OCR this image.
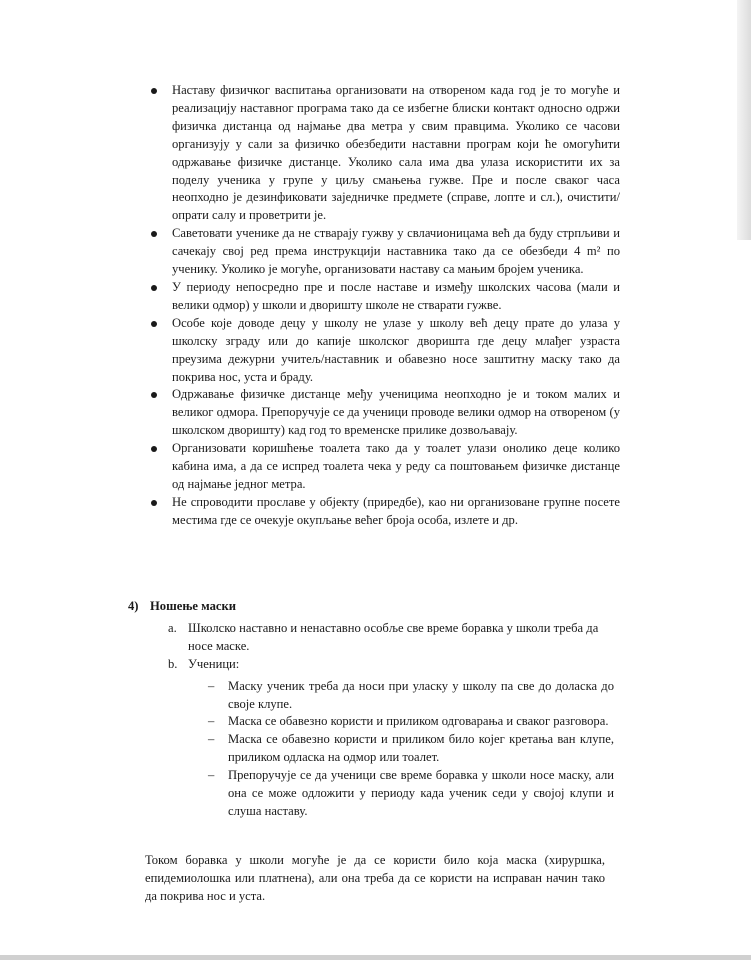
Наставу физичког васпитања организовати на отвореном када год је то могуће и реализацију наставног програма тако да се избегне блиски контакт односно одржи физичка дистанца од најмање два метра у свим правцима. Уколико се часови организују у сали за физичко обезбедити наставни програм који ће омогућити одржавање физичке дистанце. Уколико сала има два улаза искористити их за поделу ученика у групе у циљу смањења гужве. Пре и после сваког часа неопходно је дезинфиковати заједничке предмете (справе, лопте и сл.), очистити/опрати салу и проветрити је.
Саветовати ученике да не стварају гужву у свлачионицама већ да буду стрпљиви и сачекају свој ред према инструкцији наставника тако да се обезбеди 4 m² по ученику. Уколико је могуће, организовати наставу са мањим бројем ученика.
У периоду непосредно пре и после наставе и између школских часова (мали и велики одмор) у школи и дворишту школе не стварати гужве.
Особе које доводе децу у школу не улазе у школу већ децу прате до улаза у школску зграду или до капије школског дворишта где децу млађег узраста преузима дежурни учитељ/наставник и обавезно носе заштитну маску тако да покрива нос, уста и браду.
Одржавање физичке дистанце међу ученицима неопходно је и током малих и великог одмора. Препоручује се да ученици проводе велики одмор на отвореном (у школском дворишту) кад год то временске прилике дозвољавају.
Организовати коришћење тоалета тако да у тоалет улази онолико деце колико кабина има, а да се испред тоалета чека у реду са поштовањем физичке дистанце од најмање једног метра.
Не спроводити прославе у објекту (приредбе), као ни организоване групне посете местима где се очекује окупљање већег броја особа, излете и др.

4) Ношење маски

a. Школско наставно и ненаставно особље све време боравка у школи треба да носе маске.
b. Ученици:
– Маску ученик треба да носи при уласку у школу па све до доласка до своје клупе.
– Маска се обавезно користи и приликом одговарања и сваког разговора.
– Маска се обавезно користи и приликом било којег кретања ван клупе, приликом одласка на одмор или тоалет.
– Препоручује се да ученици све време боравка у школи носе маску, али она се може одложити у периоду када ученик седи у својој клупи и слуша наставу.

Током боравка у школи могуће је да се користи било која маска (хируршка, епидемиолошка или платнена), али она треба да се користи на исправан начин тако да покрива нос и уста.
